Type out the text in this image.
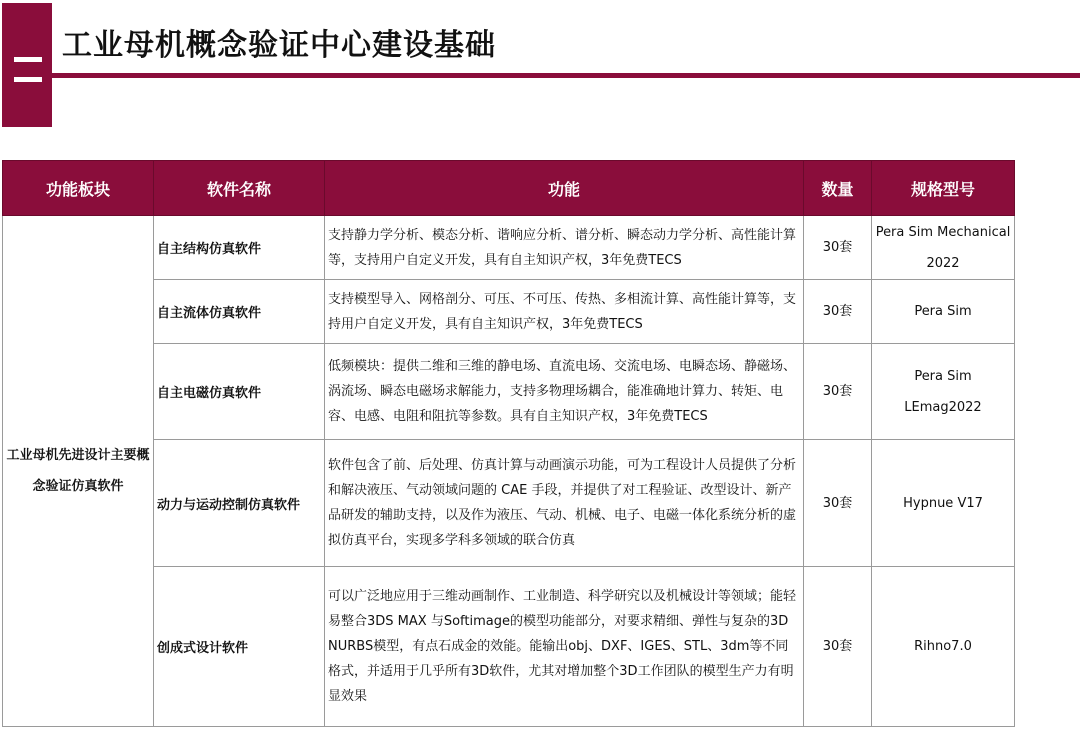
工业母机概念验证中心建设基础
功能板块	软件名称	功能	数量	规格型号
工业母机先进设计主要概念验证仿真软件	自主结构仿真软件	支持静力学分析、模态分析、谐响应分析、谱分析、瞬态动力学分析、高性能计算等，支持用户自定义开发，具有自主知识产权，3年免费TECS	30套	Pera Sim Mechanical 2022
	自主流体仿真软件	支持模型导入、网格剖分、可压、不可压、传热、多相流计算、高性能计算等，支持用户自定义开发，具有自主知识产权，3年免费TECS	30套	Pera Sim
	自主电磁仿真软件	低频模块：提供二维和三维的静电场、直流电场、交流电场、电瞬态场、静磁场、涡流场、瞬态电磁场求解能力，支持多物理场耦合，能准确地计算力、转矩、电容、电感、电阻和阻抗等参数。具有自主知识产权，3年免费TECS	30套	Pera Sim LEmag2022
	动力与运动控制仿真软件	软件包含了前、后处理、仿真计算与动画演示功能，可为工程设计人员提供了分析和解决液压、气动领域问题的 CAE 手段，并提供了对工程验证、改型设计、新产品研发的辅助支持，以及作为液压、气动、机械、电子、电磁一体化系统分析的虚拟仿真平台，实现多学科多领域的联合仿真	30套	Hypnue V17
	创成式设计软件	可以广泛地应用于三维动画制作、工业制造、科学研究以及机械设计等领域；能轻易整合3DS MAX 与Softimage的模型功能部分，对要求精细、弹性与复杂的3D NURBS模型，有点石成金的效能。能输出obj、DXF、IGES、STL、3dm等不同格式，并适用于几乎所有3D软件，尤其对增加整个3D工作团队的模型生产力有明显效果	30套	Rihno7.0
